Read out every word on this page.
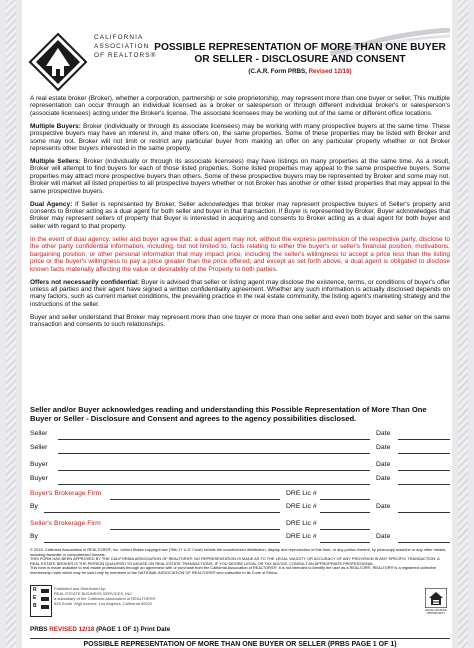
CALIFORNIA
ASSOCIATION
OF REALTORS®
POSSIBLE REPRESENTATION OF MORE THAN ONE BUYER
OR SELLER - DISCLOSURE AND CONSENT
(C.A.R. Form PRBS, Revised 12/18)

A real estate broker (Broker), whether a corporation, partnership or sole proprietorship, may represent more than one buyer or seller. This multiple representation can occur through an individual licensed as a broker or salesperson or through different individual broker's or salesperson's (associate licensees) acting under the Broker's license. The associate licensees may be working out of the same or different office locations.

Multiple Buyers: Broker (individually or through its associate licensees) may be working with many prospective buyers at the same time. These prospective buyers may have an interest in, and make offers on, the same properties. Some of these properties may be listed with Broker and some may not. Broker will not limit or restrict any particular buyer from making an offer on any particular property whether or not Broker represents other buyers interested in the same property.

Multiple Sellers: Broker (individually or through its associate licensees) may have listings on many properties at the same time. As a result, Broker will attempt to find buyers for each of those listed properties. Some listed properties may appeal to the same prospective buyers. Some properties may attract more prospective buyers than others. Some of these prospective buyers may be represented by Broker and some may not. Broker will market all listed properties to all prospective buyers whether or not Broker has another or other listed properties that may appeal to the same prospective buyers.

Dual Agency: If Seller is represented by Broker, Seller acknowledges that broker may represent prospective buyers of Seller's property and consents to Broker acting as a dual agent for both seller and buyer in that transaction. If Buyer is represented by Broker, Buyer acknowledges that Broker may represent sellers of property that Buyer is interested in acquiring and consents to Broker acting as a dual agent for both buyer and seller with regard to that property.

In the event of dual agency, seller and buyer agree that: a dual agent may not, without the express permission of the respective party, disclose to the other party confidential information, including, but not limited to, facts relating to either the buyer's or seller's financial position, motivations, bargaining position, or other personal information that may impact price, including the seller's willingness to accept a price less than the listing price or the buyer's willingness to pay a price greater than the price offered; and except as set forth above, a dual agent is obligated to disclose known facts materially affecting the value or desirability of the Property to both parties.

Offers not necessarily confidential: Buyer is advised that seller or listing agent may disclose the existence, terms, or conditions of buyer's offer unless all parties and their agent have signed a written confidentiality agreement. Whether any such information is actually disclosed depends on many factors, such as current market conditions, the prevailing practice in the real estate community, the listing agent's marketing strategy and the instructions of the seller.

Buyer and seller understand that Broker may represent more than one buyer or more than one seller and even both buyer and seller on the same transaction and consents to such relationships.

Seller and/or Buyer acknowledges reading and understanding this Possible Representation of More Than One Buyer or Seller - Disclosure and Consent and agrees to the agency possibilities disclosed.
Seller	Date
Seller	Date
Buyer	Date
Buyer	Date
Buyer's Brokerage Firm	DRE Lic #
By	DRE Lic #	Date
Seller's Brokerage Firm	DRE Lic #
By	DRE Lic #	Date

© 2018, California Association of REALTORS®, Inc. United States copyright law (Title 17 U.S. Code) forbids the unauthorized distribution, display and reproduction of this form, or any portion thereof, by photocopy machine or any other means, including facsimile or computerized formats.

THIS FORM HAS BEEN APPROVED BY THE CALIFORNIA ASSOCIATION OF REALTORS®. NO REPRESENTATION IS MADE AS TO THE LEGAL VALIDITY OR ACCURACY OF ANY PROVISION IN ANY SPECIFIC TRANSACTION. A REAL ESTATE BROKER IS THE PERSON QUALIFIED TO ADVISE ON REAL ESTATE TRANSACTIONS. IF YOU DESIRE LEGAL OR TAX ADVICE, CONSULT AN APPROPRIATE PROFESSIONAL.

This form is made available to real estate professionals through an agreement with or purchase from the California Association of REALTORS®. It is not intended to identify the user as a REALTOR®. REALTOR® is a registered collective membership mark which may be used only by members of the NATIONAL ASSOCIATION OF REALTORS® who subscribe to its Code of Ethics.

R
E
B
Published and Distributed by:
REAL ESTATE BUSINESS SERVICES, INC.
a subsidiary of the California Association of REALTORS®
525 South Virgil Avenue, Los Angeles, California 90020
EQUAL HOUSING OPPORTUNITY
PRBS REVISED 12/18 (PAGE 1 OF 1) Print Date
POSSIBLE REPRESENTATION OF MORE THAN ONE BUYER OR SELLER (PRBS PAGE 1 OF 1)
